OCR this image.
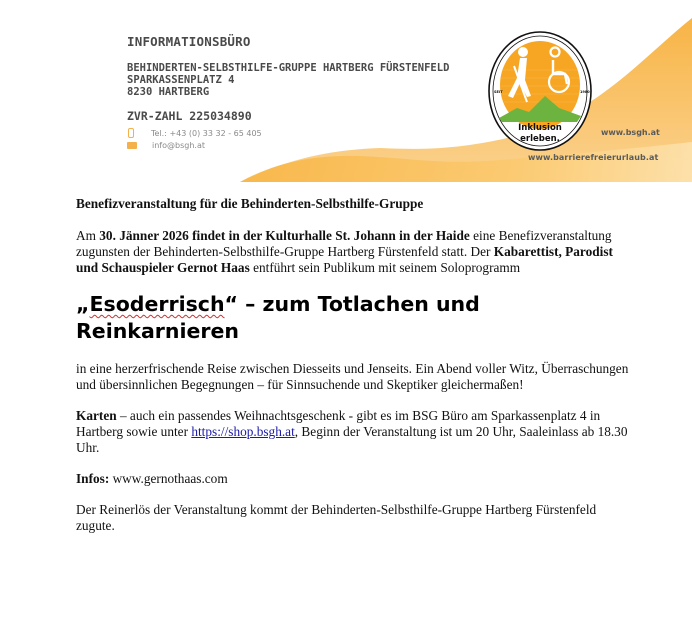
INFORMATIONSBÜRO
BEHINDERTEN-SELBSTHILFE-GRUPPE HARTBERG FÜRSTENFELD
SPARKASSENPLATZ 4
8230 HARTBERG
ZVR-ZAHL 225034890
Tel.: +43 (0) 33 32 - 65 405
info@bsgh.at
Inklusion
erleben.
SEIT	1980
www.bsgh.at
www.barrierefreierurlaub.at

Benefizveranstaltung für die Behinderten-Selbsthilfe-Gruppe

Am 30. Jänner 2026 findet in der Kulturhalle St. Johann in der Haide eine Benefizveranstaltung zugunsten der Behinderten-Selbsthilfe-Gruppe Hartberg Fürstenfeld statt. Der Kabarettist, Parodist und Schauspieler Gernot Haas entführt sein Publikum mit seinem Soloprogramm

„Esoderrisch“ – zum Totlachen und Reinkarnieren

in eine herzerfrischende Reise zwischen Diesseits und Jenseits. Ein Abend voller Witz, Überraschungen und übersinnlichen Begegnungen – für Sinnsuchende und Skeptiker gleichermaßen!

Karten – auch ein passendes Weihnachtsgeschenk - gibt es im BSG Büro am Sparkassenplatz 4 in Hartberg sowie unter https://shop.bsgh.at, Beginn der Veranstaltung ist um 20 Uhr, Saaleinlass ab 18.30 Uhr.

Infos: www.gernothaas.com

Der Reinerlös der Veranstaltung kommt der Behinderten-Selbsthilfe-Gruppe Hartberg Fürstenfeld zugute.
